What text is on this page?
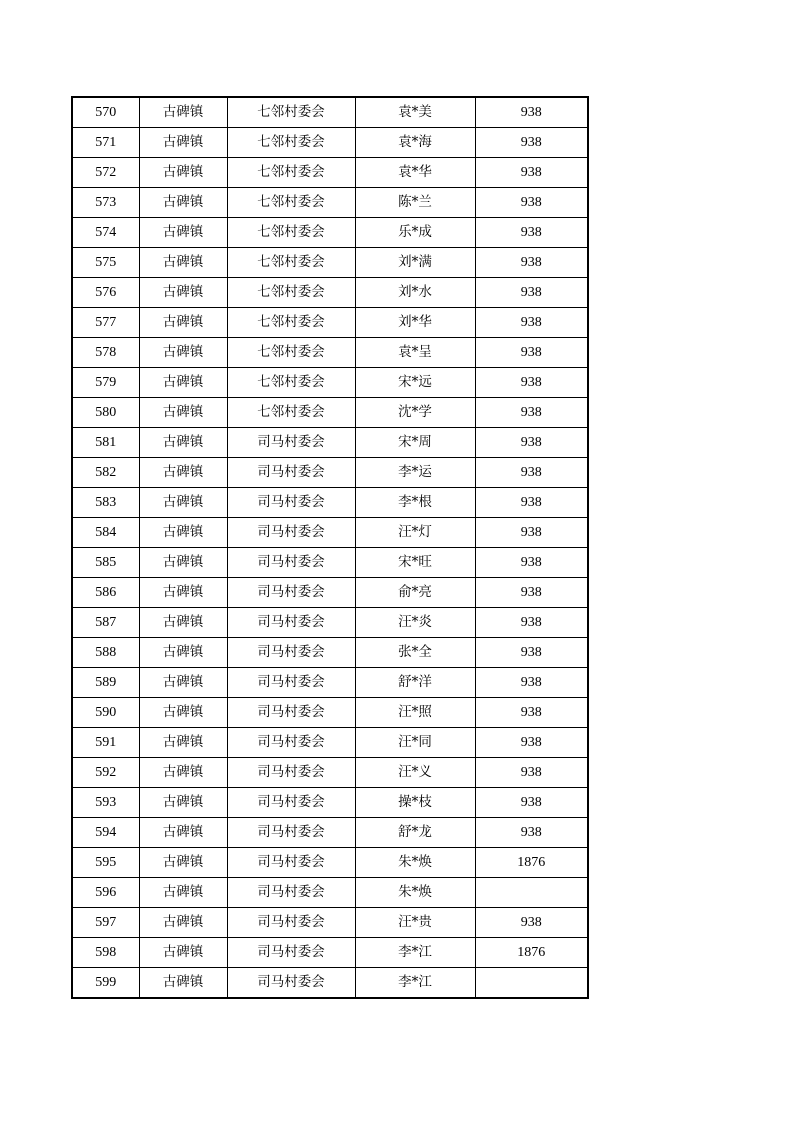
570	古碑镇	七邻村委会	袁*美	938
571	古碑镇	七邻村委会	袁*海	938
572	古碑镇	七邻村委会	袁*华	938
573	古碑镇	七邻村委会	陈*兰	938
574	古碑镇	七邻村委会	乐*成	938
575	古碑镇	七邻村委会	刘*满	938
576	古碑镇	七邻村委会	刘*水	938
577	古碑镇	七邻村委会	刘*华	938
578	古碑镇	七邻村委会	袁*呈	938
579	古碑镇	七邻村委会	宋*远	938
580	古碑镇	七邻村委会	沈*学	938
581	古碑镇	司马村委会	宋*周	938
582	古碑镇	司马村委会	李*运	938
583	古碑镇	司马村委会	李*根	938
584	古碑镇	司马村委会	汪*灯	938
585	古碑镇	司马村委会	宋*旺	938
586	古碑镇	司马村委会	俞*亮	938
587	古碑镇	司马村委会	汪*炎	938
588	古碑镇	司马村委会	张*全	938
589	古碑镇	司马村委会	舒*洋	938
590	古碑镇	司马村委会	汪*照	938
591	古碑镇	司马村委会	汪*同	938
592	古碑镇	司马村委会	汪*义	938
593	古碑镇	司马村委会	操*枝	938
594	古碑镇	司马村委会	舒*龙	938
595	古碑镇	司马村委会	朱*焕	1876
596	古碑镇	司马村委会	朱*焕	
597	古碑镇	司马村委会	汪*贵	938
598	古碑镇	司马村委会	李*江	1876
599	古碑镇	司马村委会	李*江	
